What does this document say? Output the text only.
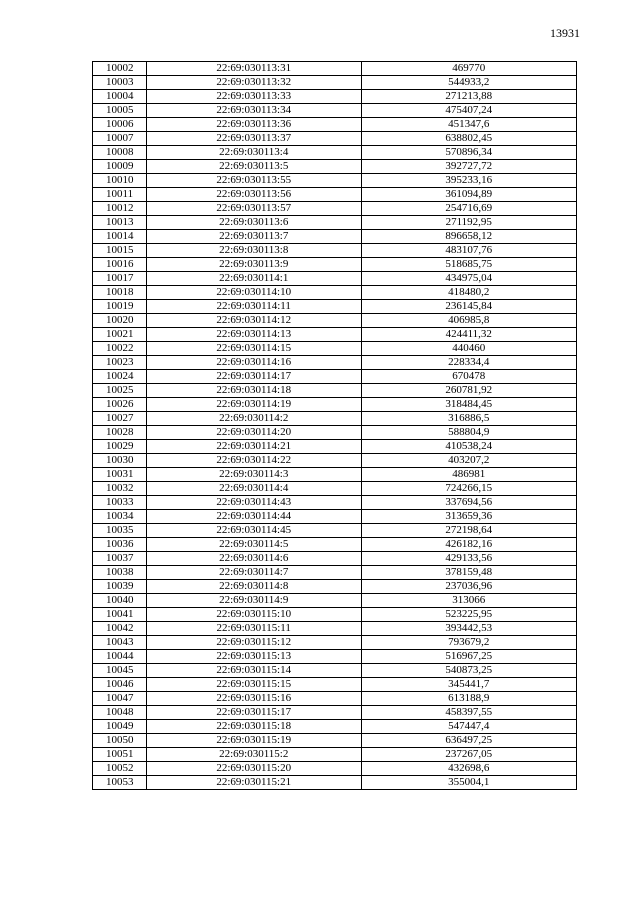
13931
10002	22:69:030113:31	469770
10003	22:69:030113:32	544933,2
10004	22:69:030113:33	271213,88
10005	22:69:030113:34	475407,24
10006	22:69:030113:36	451347,6
10007	22:69:030113:37	638802,45
10008	22:69:030113:4	570896,34
10009	22:69:030113:5	392727,72
10010	22:69:030113:55	395233,16
10011	22:69:030113:56	361094,89
10012	22:69:030113:57	254716,69
10013	22:69:030113:6	271192,95
10014	22:69:030113:7	896658,12
10015	22:69:030113:8	483107,76
10016	22:69:030113:9	518685,75
10017	22:69:030114:1	434975,04
10018	22:69:030114:10	418480,2
10019	22:69:030114:11	236145,84
10020	22:69:030114:12	406985,8
10021	22:69:030114:13	424411,32
10022	22:69:030114:15	440460
10023	22:69:030114:16	228334,4
10024	22:69:030114:17	670478
10025	22:69:030114:18	260781,92
10026	22:69:030114:19	318484,45
10027	22:69:030114:2	316886,5
10028	22:69:030114:20	588804,9
10029	22:69:030114:21	410538,24
10030	22:69:030114:22	403207,2
10031	22:69:030114:3	486981
10032	22:69:030114:4	724266,15
10033	22:69:030114:43	337694,56
10034	22:69:030114:44	313659,36
10035	22:69:030114:45	272198,64
10036	22:69:030114:5	426182,16
10037	22:69:030114:6	429133,56
10038	22:69:030114:7	378159,48
10039	22:69:030114:8	237036,96
10040	22:69:030114:9	313066
10041	22:69:030115:10	523225,95
10042	22:69:030115:11	393442,53
10043	22:69:030115:12	793679,2
10044	22:69:030115:13	516967,25
10045	22:69:030115:14	540873,25
10046	22:69:030115:15	345441,7
10047	22:69:030115:16	613188,9
10048	22:69:030115:17	458397,55
10049	22:69:030115:18	547447,4
10050	22:69:030115:19	636497,25
10051	22:69:030115:2	237267,05
10052	22:69:030115:20	432698,6
10053	22:69:030115:21	355004,1
